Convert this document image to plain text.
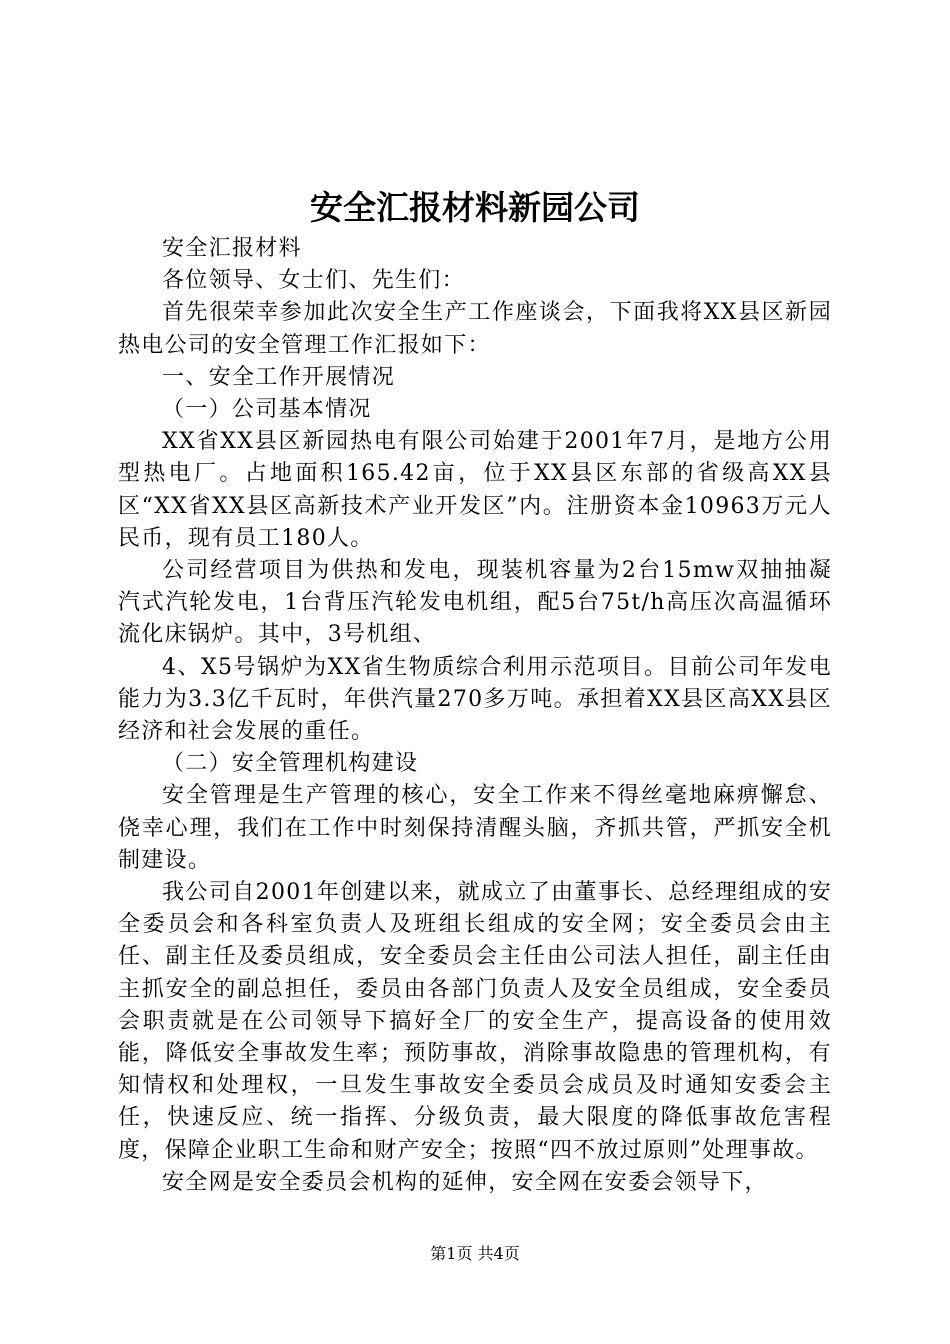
安全汇报材料新园公司

安全汇报材料

各位领导、女士们、先生们：

首先很荣幸参加此次安全生产工作座谈会，下面我将XX县区新园热电公司的安全管理工作汇报如下：

一、安全工作开展情况

（一）公司基本情况

XX省XX县区新园热电有限公司始建于2001年7月，是地方公用型热电厂。占地面积165.42亩，位于XX县区东部的省级高XX县区“XX省XX县区高新技术产业开发区”内。注册资本金10963万元人民币，现有员工180人。

公司经营项目为供热和发电，现装机容量为2台15mw双抽抽凝汽式汽轮发电，1台背压汽轮发电机组，配5台75t/h高压次高温循环流化床锅炉。其中，3号机组、

4、X5号锅炉为XX省生物质综合利用示范项目。目前公司年发电能力为3.3亿千瓦时，年供汽量270多万吨。承担着XX县区高XX县区经济和社会发展的重任。

（二）安全管理机构建设

安全管理是生产管理的核心，安全工作来不得丝毫地麻痹懈怠、侥幸心理，我们在工作中时刻保持清醒头脑，齐抓共管，严抓安全机制建设。

我公司自2001年创建以来，就成立了由董事长、总经理组成的安全委员会和各科室负责人及班组长组成的安全网；安全委员会由主任、副主任及委员组成，安全委员会主任由公司法人担任，副主任由主抓安全的副总担任，委员由各部门负责人及安全员组成，安全委员会职责就是在公司领导下搞好全厂的安全生产，提高设备的使用效能，降低安全事故发生率；预防事故，消除事故隐患的管理机构，有知情权和处理权，一旦发生事故安全委员会成员及时通知安委会主任，快速反应、统一指挥、分级负责，最大限度的降低事故危害程度，保障企业职工生命和财产安全；按照“四不放过原则”处理事故。

安全网是安全委员会机构的延伸，安全网在安委会领导下，

第1页 共4页
